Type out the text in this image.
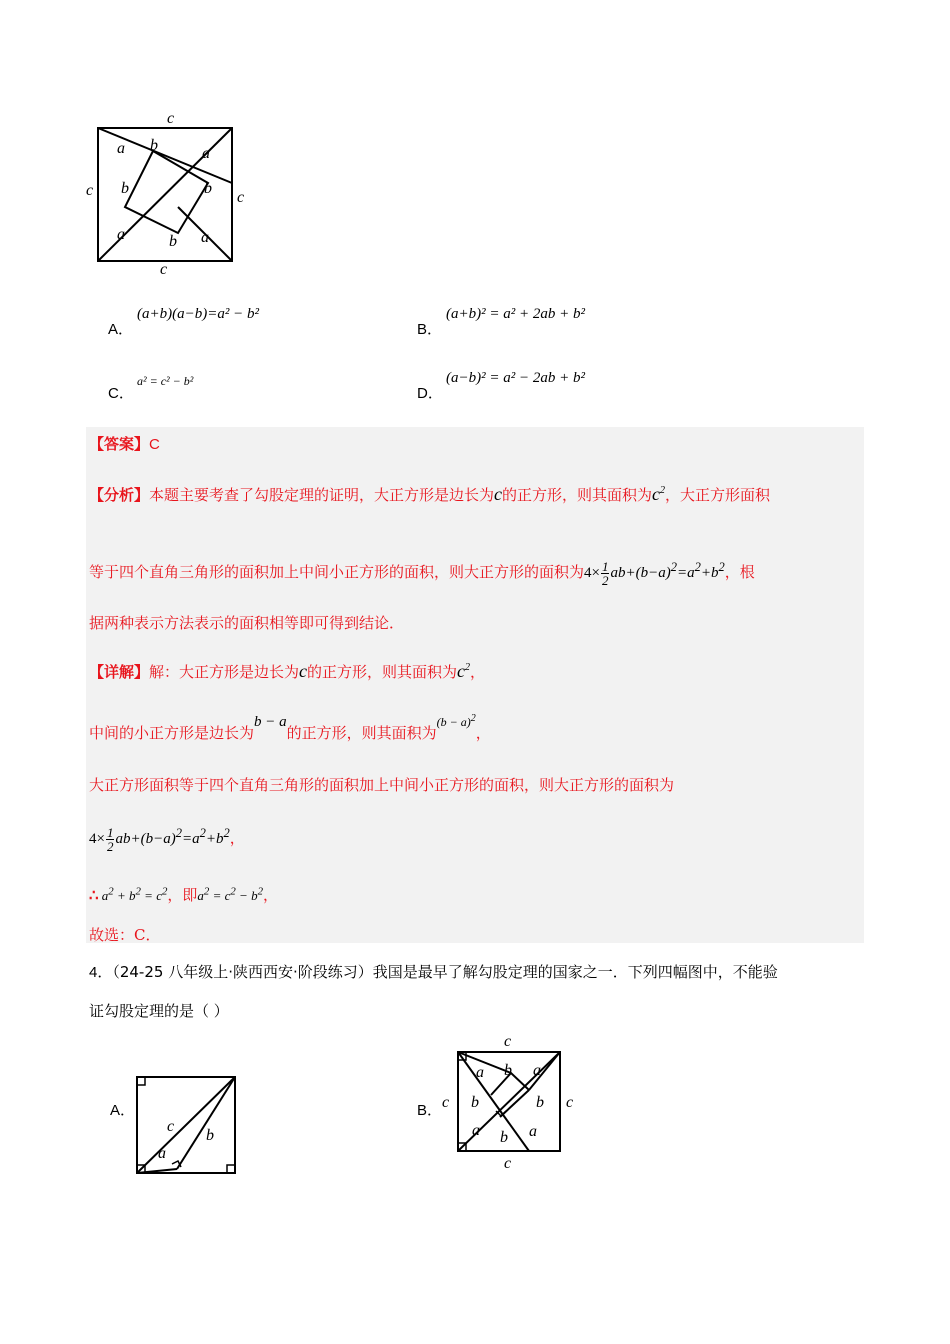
c
c
c	c
a b	a
b	b
a	b a
A．
(a+b)(a−b)=a² − b²
B．
(a+b)² = a² + 2ab + b²
C．
a² = c² − b²
D．
(a−b)² = a² − 2ab + b²
【答案】C
【分析】本题主要考查了勾股定理的证明，大正方形是边长为c的正方形，则其面积为$c^2$，大正方形面积
等于四个直角三角形的面积加上中间小正方形的面积，则大正方形的面积为$4\times \frac{1}{2} ab+(b-a)^2=a^2+b^2$，根
据两种表示方法表示的面积相等即可得到结论．
【详解】解：大正方形是边长为c的正方形，则其面积为$c^2$，
中间的小正方形是边长为b − a的正方形，则其面积为$^{(b - a)^2}$，
大正方形面积等于四个直角三角形的面积加上中间小正方形的面积，则大正方形的面积为
$4\times \frac{1}{2} ab+(b-a)^2=a^2+b^2$，
∴ $a^2 + b^2 = c^2$，即$a^2 = c^2 - b^2$，
故选：C．
4．（24-25 八年级上·陕西西安·阶段练习）我国是最早了解勾股定理的国家之一．下列四幅图中，不能验
证勾股定理的是（ ）
A．
c
b
a
B．
c
c
c	c
a b a
b	b
a b a
